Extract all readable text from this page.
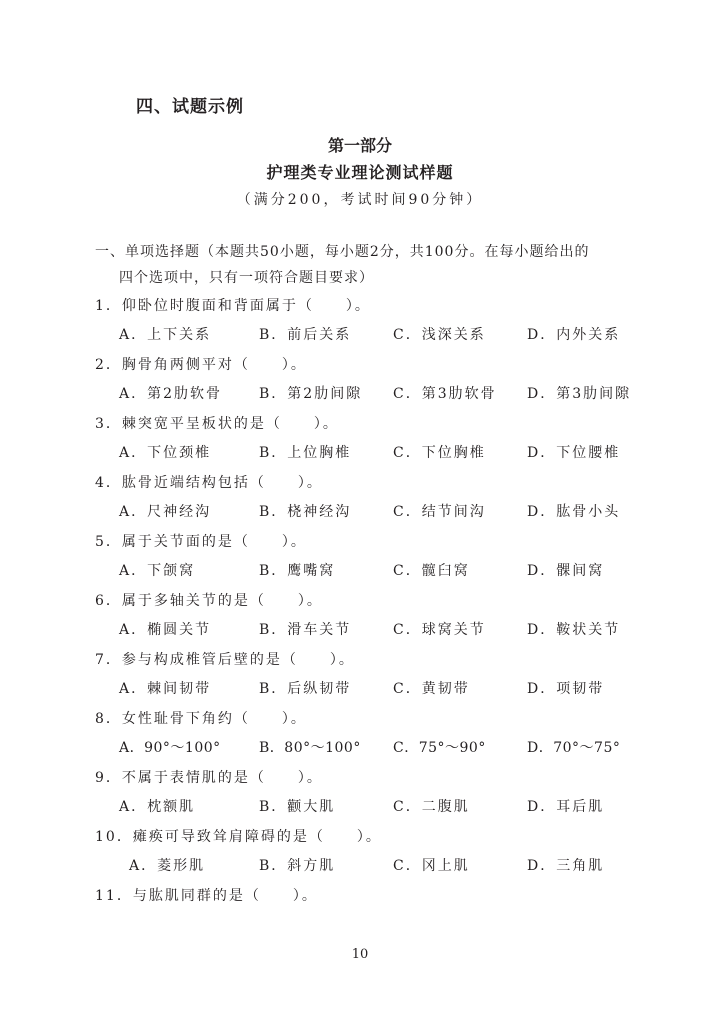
四、试题示例
第一部分
护理类专业理论测试样题
（满分200，考试时间90分钟）
一、单项选择题（本题共50小题，每小题2分，共100分。在每小题给出的
四个选项中，只有一项符合题目要求）
1．仰卧位时腹面和背面属于（　　）。
A．上下关系	B．前后关系	C．浅深关系	D．内外关系
2．胸骨角两侧平对（　　）。
A．第2肋软骨	B．第2肋间隙 C．第3肋软骨 D．第3肋间隙
3．棘突宽平呈板状的是（　　）。
A．下位颈椎	B．上位胸椎	C．下位胸椎	D．下位腰椎
4．肱骨近端结构包括（　　）。
A．尺神经沟	B．桡神经沟	C．结节间沟	D．肱骨小头
5．属于关节面的是（　　）。
A．下颌窝	B．鹰嘴窝	C．髋臼窝	D．髁间窝
6．属于多轴关节的是（　　）。
A．椭圆关节	B．滑车关节	C．球窝关节	D．鞍状关节
7．参与构成椎管后壁的是（　　）。
A．棘间韧带	B．后纵韧带	C．黄韧带	D．项韧带
8．女性耻骨下角约（　　）。
A．90°～100°	B．80°～100° C．75°～90°	D．70°～75°
9．不属于表情肌的是（　　）。
A．枕额肌	B．颧大肌	C．二腹肌	D．耳后肌
10．瘫痪可导致耸肩障碍的是（　　）。
A．菱形肌	B．斜方肌	C．冈上肌	D．三角肌
11．与肱肌同群的是（　　）。
10
